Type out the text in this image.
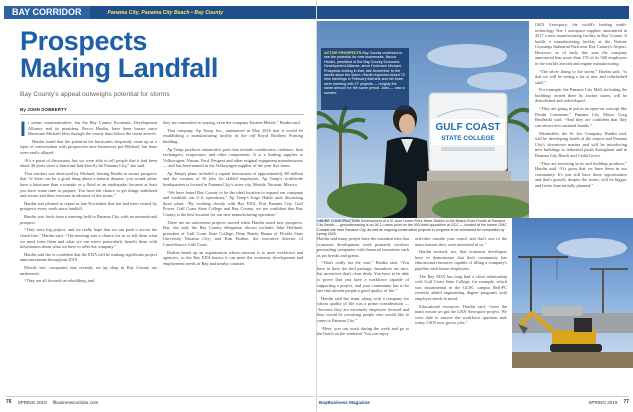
BAY CORRIDOR	Panama City, Panama City Beach • Bay County
Prospects
Making Landfall
Bay County's appeal outweighs potential for storms
By JOHN DOBBERTY

It seems counterintuitive, but the Bay County Economic Development Alliance and its president, Becca Hardin, have been busier since Hurricane Michael blew through the county than before the storm arrived.

Hardin found that the potential for hurricanes frequently came up as a topic of conversation with prospective new businesses pre-Michael, but fears were easily allayed.

“It's a point of discussion, but we were able to tell people that it had been about 40 years since a hurricane had directly hit Panama City,” she said.

That comfort was destroyed by Michael, leaving Hardin to assure prospects that “if there can be a good thing about a natural disaster, you would rather have a hurricane than a tornado or a flood or an earthquake, because at least you have some time to prepare. You have the chance to get things stabilized and secure and then evacuate in advance of the storm.”

Hardin was pleased to report in late November that she had been visited by prospects every week since landfall.

Hardin was fresh from a meeting held in Panama City with an international prospect.

“They were big project, and we really hope that we can push it across the finish line,” Hardin said. “The meeting was a chance for us to tell them what we need from them and what we can move particularly benefit them with information about what we have to offer the company.”

Hardin said she is confident that the EDA will be making significant project announcements throughout 2019.

Missile site: companies that recently set up shop in Bay County are undeterred.

“They are all focused on rebuilding, and

they are committed to staying, even the company Eastern Metals,” Hardin said.

That company, Ap Temp, Inc., announced in May 2018 that it would be establishing a manufacturing facility in the old Royal Brothers Printing building.

Ap Temp produces automotive parts that include conditioners, radiators, heat exchangers, evaporators and other components. It is a leading supplier to Volkswagen, Nissan, Ford, Peugeot and other original equipment manufacturers — and has been named as the Volkswagen supplier of the year five times.

Ap Temp's plans included a capital investment of approximately $8 million and the creation of 50 jobs for skilled employees. Ap Temp's worldwide headquarters is located in Panama City's sister city, Merida, Yucatan, Mexico.

“We have found Bay County to be the ideal location to expand our company and establish our U.S. operations,” Ap Temp's Jorge Habib said, discussing those plans. “By working closely with Bay EDA, Port Panama City, Gulf Power, Gulf Coast State College and Bay County, we are confident that Bay County is the best location for our new manufacturing operation.”

There are no unforeseen projects moved when Hardin noted new prospects. But, she said, the Bay County delegation always includes John Holdnak, president of Gulf Coast State College; Dean Randy Hanna of Florida State University Panama City; and Kim Bodine, the executive director of CareerSource Gulf Coast.

Bodine heads up an organization whose mission is to meet workforce and agencies, so the Bay EDA knows it can meet the economic development and employment needs of Bay and nearby counties.

76 SPRING 2019 flbusinesscorridor.com
GULF COAST
STATE COLLEGE
ACTIVE PROSPECTS Bay County continues to see the potential for new businesses. Becca Hardin, president of the Bay County Economic Development Alliance, since Hurricane Michael. Prospects visiting in that, late November to the weeks since the storm. Hardin expected about 70 new meetings in February that she and her team were meeting with 27 projects — roughly the same amount for the same period. Jobs — now a number.
UNDER CONSTRUCTION Development of a 37-acre Lowes Flour Mixer-Station in the Beach-Front Ponds at Panama City Beach — groundbreaking is on 36.1 Lowes point on the 500 hotel opposition at GCC — located at the former GMC Coastal site near Panama City, as well as ongoing construction projects in progress to be scheduled for completion by spring 2020.

Hardin said many people have the mistaken idea that economic development work primarily involves persuading companies with financial incentives such as tax breaks and grants.

“That's really not the case,” Hardin said. “You have to have the bird package. Incentives are nice, but incentives don't close deals. You have to be able to prove that you have a workforce capable of supporting a project, and your community has to be one that affords people a good quality of life.”

Hardin said her team, along with a company for whom quality of life was a prime consideration — “because they are extremely employee focused and they would be recruiting people who would like to come to Panama City.”

“Here, you can work during the week and go to the beach on the weekend. You can enjoy

activities outside your round, and that's one of the main reasons they were interested in us.”

Hardin stressed, too, that economic developers have to demonstrate that their community has educational resources capable of filling a company's pipeline with future employees.

The Bay EDA has long had a close relationship with Gulf Coast State College, for example, which was instrumental in the GCSC campus Bell-PC recently added engineering degree programs with employer needs in mind.

Educational resources, Hardin said, “were the main reason we got the GKN Aerospace project. We were able to answer the workforce question and, today, GKN now grows jobs.”

GKN Aerospace, the world's leading multi-technology Tier 1 aerospace supplier, announced in 2017 a new manufacturing facility in Bay County. It builds a manufacturing facility at the Venture Crossings Industrial Park near Bay County's Airport. However, as of early this year the company announced that more than 170 of its 500 employees in the world's aircraft and engine manufacturing.

“The silver lining to the storm,” Hardin said, “is that we will be seeing a lot of new and refurbished stuff.”

For example, the Panama City Mall, including the buildings owned there by anchor stores, will be demolished and redeveloped.

“They are going to put in an open-air concept like Destin Commons,” Panama City Mayor Greg Brudnicki said. “And they are confident that they can attract new national brands.”

Meanwhile, the St. Joe Company, Hardin said, will be developing hotels at the airport and Panama City's downtown marina and will be introducing new buildings to industrial parks throughout and in Panama City Beach and Cedar Grove.

“They are investing in us and building products,” Hardin said. “It's great that we have them in our community. It's just still have those opportunities and that's growth, despite the storm, will be bigger, and better than initially planned.”

BayBusiness Magazine	SPRING 2019 77
